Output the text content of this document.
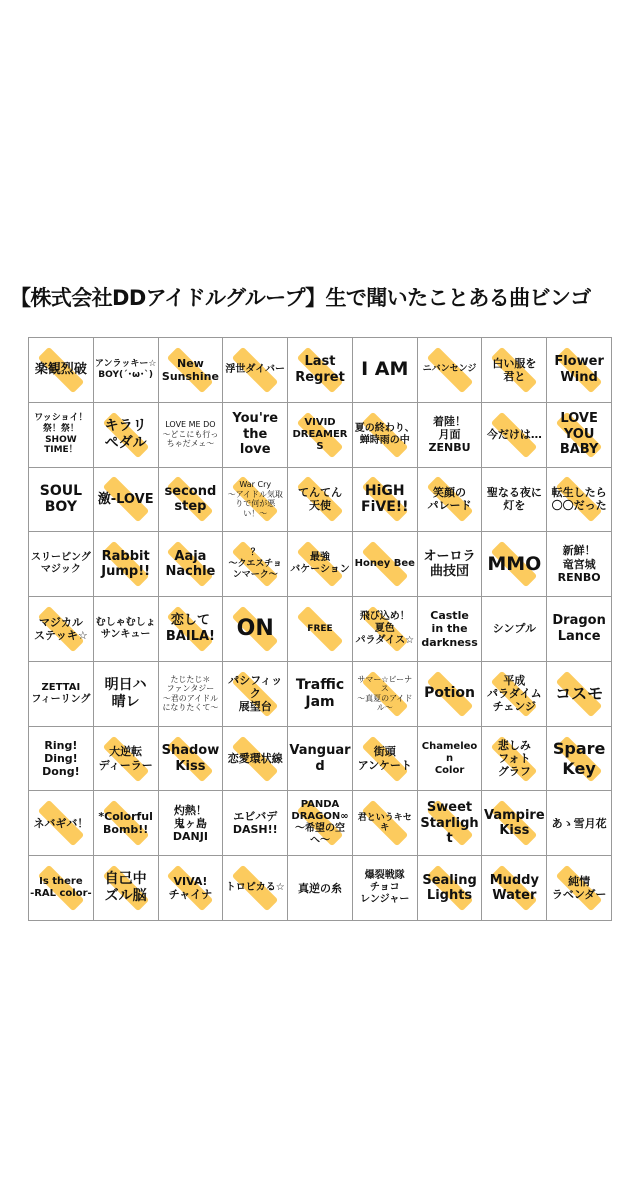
【株式会社DDアイドルグループ】生で聞いたことある曲ビンゴ
楽観烈破 アンラッキー☆
BOY(´･ω･`)
New
Sunshine
浮世ダイバー
Last
Regret I AM ニバンセンジ 白い服を
君と
Flower
Wind
ワッショイ！
祭！祭！
SHOW TIME！
キラリ
ペダル
LOVE ME DO
〜どこにも行っちゃだメェ〜
You're
the
love
VIVID
DREAMERS
夏の終わり、
蝉時雨の中
着陸！
月面
ZENBU
今だけは…
LOVE
YOU
BABY
SOUL
BOY
激-LOVE
second
step
War Cry
〜アイドル気取りで何が悪い！〜
てんてん
天使
HiGH
FiVE!!
笑顔の
パレード
聖なる夜に
灯を
転生したら
〇〇だった
スリーピング
マジック
Rabbit
Jump!!
Aaja
Nachle
？
〜クエスチョンマーク〜
最強
バケーション
Honey Bee
オーロラ
曲技団 MMO
新鮮！
竜宮城
RENBO
マジカル
ステッキ☆
むしゃむしょ
サンキュー
恋して
BAILA! ON	FREE
飛び込め！
夏色
パラダイス☆
Castle
in the
darkness
シンプル
Dragon
Lance
ZETTAI
フィーリング
明日ハ
晴レ
たじたじ＊
ファンタジー
〜君のアイドルになりたくて〜
パシフィック
展望台
Traffic
Jam
サマー☆ビーナス
〜真夏のアイドル〜
Potion
平成
パラダイム
チェンジ
コスモ
Ring!
Ding!
Dong!
大逆転
ディーラー
Shadow
Kiss
恋愛環状線
Vanguard
街頭
アンケート
Chameleon
Color
悲しみ
フォト
グラフ
Spare
Key
ネバギバ！
*Colorful
Bomb!!
灼熱！
鬼ヶ島
DANJI
エビバデ
DASH!!
PANDA
DRAGON∞
〜希望の空へ〜
君というキセキ
Sweet
Starlight
Vampire
Kiss
あゝ雪月花
Is there
-RAL color-
自己中
ズル脳
VIVA!
チャイナ
トロピカる☆ 真逆の糸
爆裂戦隊
チョコ
レンジャー
Sealing
Lights
Muddy
Water
純情
ラベンダー
